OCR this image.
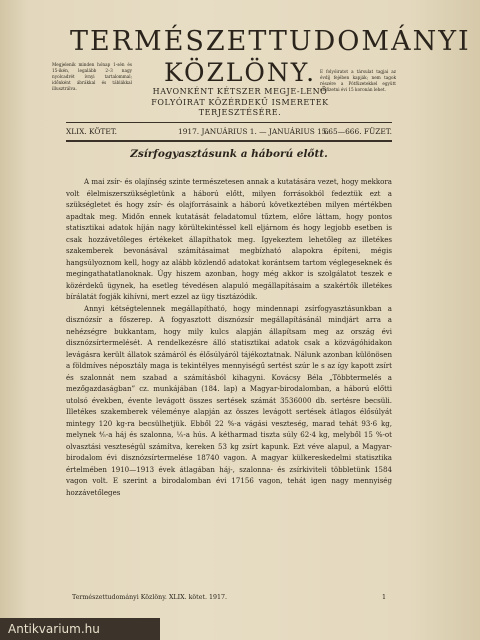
TERMÉSZETTUDOMÁNYI
KÖZLÖNY.
Megjelenik minden hónap 1-sén és 15-ikén, legalább 2–3 nagy nyolcadrét ívnyi tartalommal; időnként ábrákkal és táblákkal illusztrálva.
E folyóiratot a társulat tagjai az évdíj fejében kapják; nem tagok részére a Pótfüzetekkel együtt előfizetni évi 15 koronán lehet.
HAVONKÉNT KÉTSZER MEGJE-LENŐ FOLYÓIRAT KÖZÉRDEKŰ ISMERETEK TERJESZTÉSÉRE.
XLIX. KÖTET.	1917. JANUÁRIUS 1. — JANUÁRIUS 15.
665—666. FÜZET.
Zsírfogyasztásunk a háború előtt.

A mai zsír- és olajínség szinte természetesen annak a kutatására vezet, hogy mekkora volt élelmiszerszükségletünk a háború előtt, milyen forrásokból fedeztük ezt a szükségletet és hogy zsír- és olajforrásaink a háború következtében milyen mértékben apadtak meg. Midőn ennek kutatását feladatomul tűztem, előre láttam, hogy pontos statisztikai adatok híján nagy körültekintéssel kell eljárnom és hogy legjobb esetben is csak hozzávetőleges értékeket állapíthatok meg. Igyekeztem lehetőleg az illetékes szakemberek bevonásával számításaimat megbízható alapokra építeni, mégis hangsúlyoznom kell, hogy az alább közlendő adatokat korántsem tartom véglegeseknek és megingathatatlanoknak. Úgy hiszem azonban, hogy még akkor is szolgálatot teszek e közérdekű ügynek, ha esetleg tévedésen alapuló megállapításaim a szakértők illetékes bírálatát fogják kihívni, mert ezzel az ügy tisztázódik.

Annyi kétségtelennek megállapítható, hogy mindennapi zsírfogyasztásunkban a disznózsír a főszerep. A fogyasztott disznózsír megállapításánál mindjárt arra a nehézségre bukkantam, hogy mily kulcs alapján állapítsam meg az ország évi disznózsírtermelését. A rendelkezésre álló statisztikai adatok csak a közvágóhidakon levágásra került állatok számáról és élősúlyáról tájékoztatnak. Nálunk azonban különösen a földmíves néposztály maga is tekintélyes mennyiségű sertést szúr le s az így kapott zsírt és szalonnát nem szabad a számításból kihagyni. Kovácsy Béla „Többtermelés a mezőgazdaságban” cz. munkájában (184. lap) a Magyar-birodalomban, a háború előtti utolsó években, évente levágott összes sertések számát 3536000 db. sertésre becsüli. Illetékes szakemberek véleménye alapján az összes levágott sertések átlagos élősúlyát mintegy 120 kg-ra becsülhetjük. Ebből 22 %-a vágási veszteség, marad tehát 93·6 kg, melynek ⁴⁄₅-a háj és szalonna, ¹⁄₅-a hús. A kétharmad tiszta súly 62·4 kg, melyből 15 %-ot olvasztási veszteségül számítva, kereken 53 kg zsírt kapunk. Ezt véve alapul, a Magyar-birodalom évi disznózsírtermelése 18740 vagon. A magyar külkereskedelmi statisztika értelmében 1910—1913 évek átlagában háj-, szalonna- és zsírkiviteli többletünk 1584 vagon volt. E szerint a birodalomban évi 17156 vagon, tehát igen nagy mennyiség hozzávetőleges

Természettudományi Közlöny. XLIX. kötet. 1917.	1
Antikvarium.hu
